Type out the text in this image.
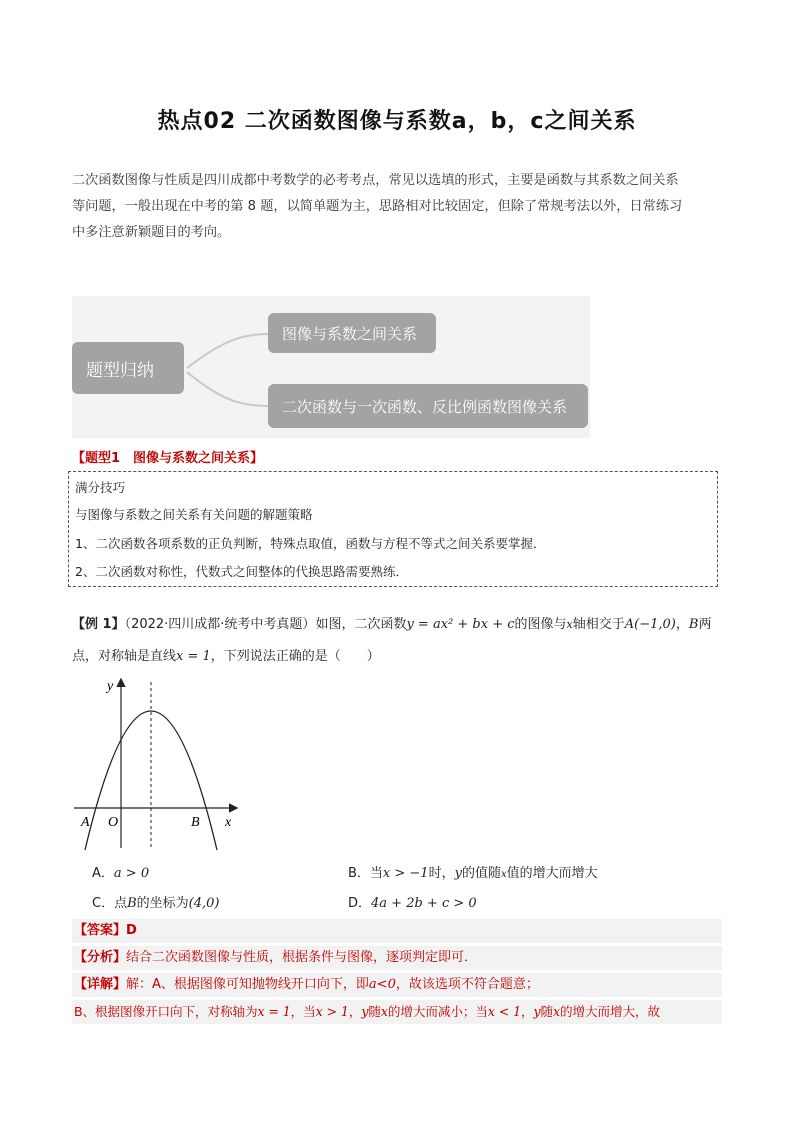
热点02 二次函数图像与系数a，b，c之间关系
二次函数图像与性质是四川成都中考数学的必考考点，常见以选填的形式，主要是函数与其系数之间关系
等问题，一般出现在中考的第 8 题，以简单题为主，思路相对比较固定，但除了常规考法以外，日常练习
中多注意新颖题目的考向。
题型归纳
图像与系数之间关系
二次函数与一次函数、反比例函数图像关系
【题型1　图像与系数之间关系】
满分技巧
与图像与系数之间关系有关问题的解题策略
1、二次函数各项系数的正负判断，特殊点取值，函数与方程不等式之间关系要掌握．
2、二次函数对称性，代数式之间整体的代换思路需要熟练．
【例 1】（2022·四川成都·统考中考真题）如图，二次函数y = ax² + bx + c的图像与x轴相交于A(−1,0)，B两
点，对称轴是直线x = 1，下列说法正确的是（　　）
y
x
O
A	B
A．a > 0	B．当x > −1时，y的值随x值的增大而增大
C．点B的坐标为(4,0)	D．4a + 2b + c > 0
【答案】D
【分析】结合二次函数图像与性质，根据条件与图像，逐项判定即可．
【详解】解：A、根据图像可知抛物线开口向下，即a<0，故该选项不符合题意；
B、根据图像开口向下，对称轴为x = 1，当x > 1，y随x的增大而减小；当x < 1，y随x的增大而增大，故
